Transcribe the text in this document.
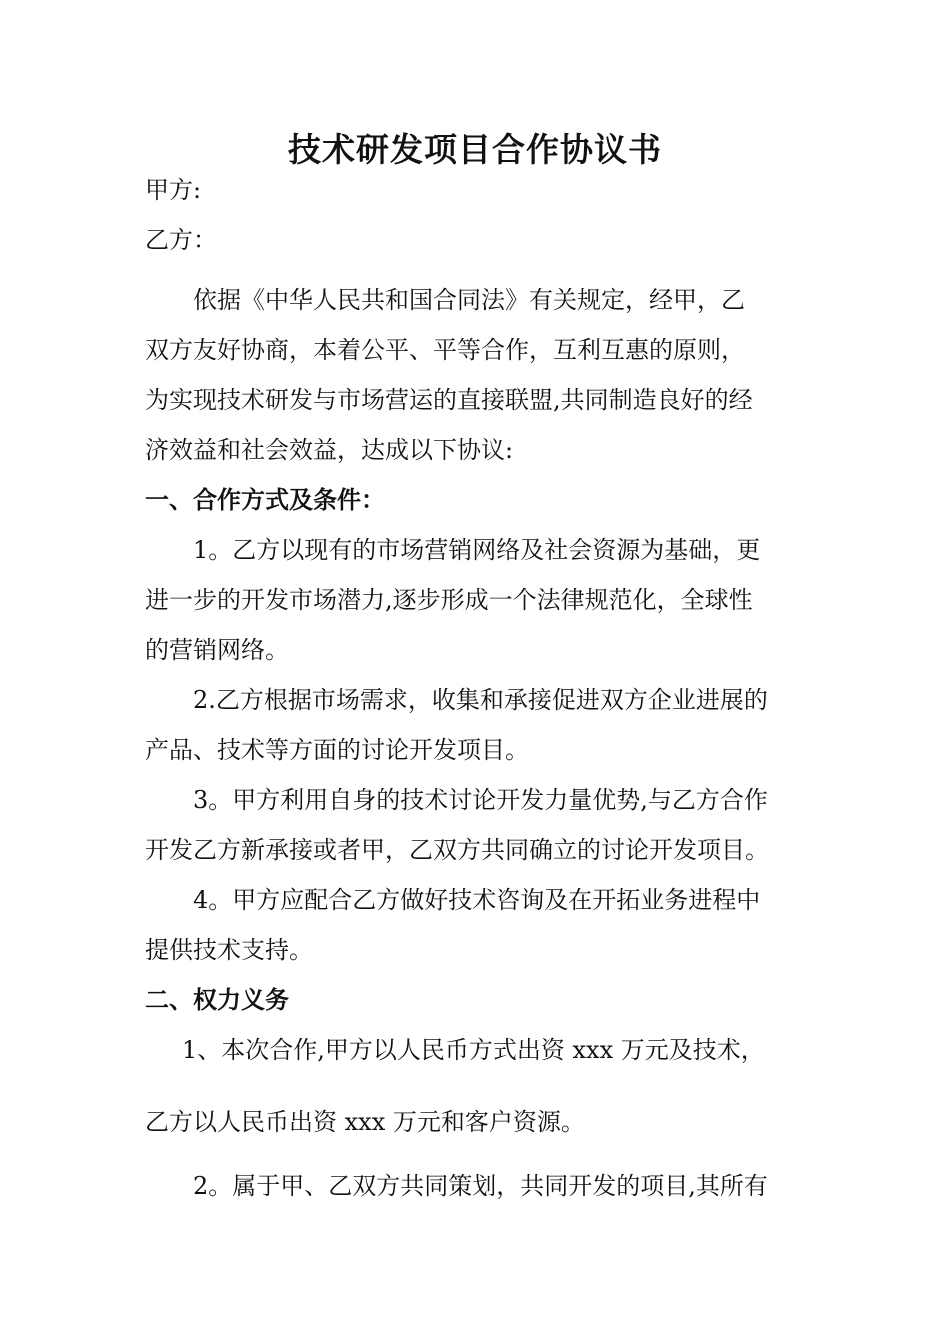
技术研发项目合作协议书
甲方:
乙方：
依据《中华人民共和国合同法》有关规定，经甲，乙
双方友好协商，本着公平、平等合作，互利互惠的原则，
为实现技术研发与市场营运的直接联盟,共同制造良好的经
济效益和社会效益，达成以下协议:
一、合作方式及条件：
1。乙方以现有的市场营销网络及社会资源为基础，更
进一步的开发市场潜力,逐步形成一个法律规范化，全球性
的营销网络。
2.乙方根据市场需求，收集和承接促进双方企业进展的
产品、技术等方面的讨论开发项目。
3。甲方利用自身的技术讨论开发力量优势,与乙方合作
开发乙方新承接或者甲，乙双方共同确立的讨论开发项目。
4。甲方应配合乙方做好技术咨询及在开拓业务进程中
提供技术支持。
二、权力义务
1、本次合作,甲方以人民币方式出资 xxx 万元及技术，
乙方以人民币出资 xxx 万元和客户资源。
2。属于甲、乙双方共同策划，共同开发的项目,其所有
